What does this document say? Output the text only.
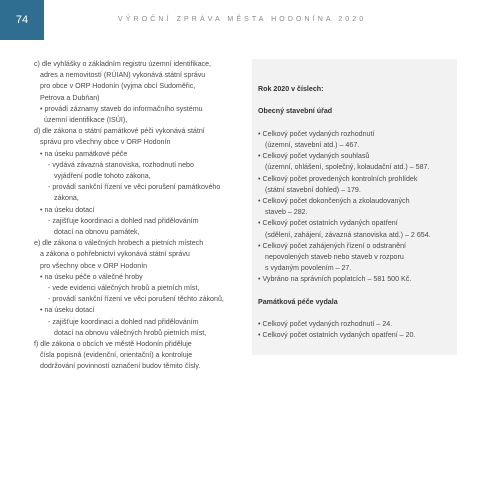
74	VÝROČNÍ ZPRÁVA MĚSTA HODONÍNA 2020
c) dle vyhlášky o základním registru územní identifikace,
adres a nemovitostí (RÚIAN) vykonává státní správu
pro obce v ORP Hodonín (vyjma obcí Sudoměřic,
Petrova a Dubňan)
• provádí záznamy staveb do informačního systému
územní identifikace (ISÚI),
d) dle zákona o státní památkové péči vykonává státní
správu pro všechny obce v ORP Hodonín
• na úseku památkové péče
- vydává závazná stanoviska, rozhodnutí nebo
vyjádření podle tohoto zákona,
- provádí sankční řízení ve věci porušení památkového
zákona,
• na úseku dotací
- zajišťuje koordinaci a dohled nad přidělováním
dotací na obnovu památek,
e) dle zákona o válečných hrobech a pietních místech
a zákona o pohřebnictví vykonává státní správu
pro všechny obce v ORP Hodonín
• na úseku péče o válečné hroby
- vede evidenci válečných hrobů a pietních míst,
- provádí sankční řízení ve věci porušení těchto zákonů,
• na úseku dotací
- zajišťuje koordinaci a dohled nad přidělováním
dotací na obnovu válečných hrobů pietních míst,
f) dle zákona o obcích ve městě Hodonín přiděluje
čísla popisná (evidenční, orientační) a kontroluje
dodržování povinností označení budov těmito čísly.
Rok 2020 v číslech:
Obecný stavební úřad
• Celkový počet vydaných rozhodnutí
(územní, stavební atd.) – 467.
• Celkový počet vydaných souhlasů
(územní, ohlášení, společný, kolaudační atd.) – 587.
• Celkový počet provedených kontrolních prohlídek
(státní stavební dohled) – 179.
• Celkový počet dokončených a zkolaudovaných
staveb – 282.
• Celkový počet ostatních vydaných opatření
(sdělení, zahájení, závazná stanoviska atd.) – 2 654.
• Celkový počet zahájených řízení o odstranění
nepovolených staveb nebo staveb v rozporu
s vydaným povolením – 27.
• Vybráno na správních poplatcích – 581 500 Kč.
Památková péče vydala
• Celkový počet vydaných rozhodnutí – 24.
• Celkový počet ostatních vydaných opatření – 20.
